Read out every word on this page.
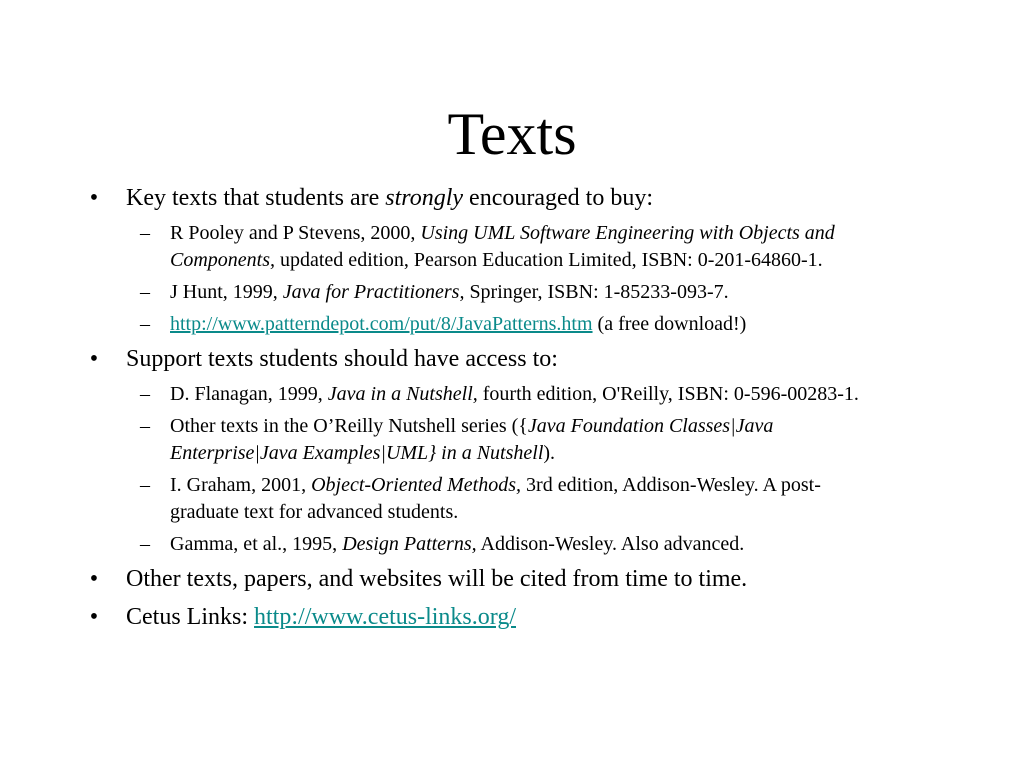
Texts
• Key texts that students are strongly encouraged to buy:
– R Pooley and P Stevens, 2000, Using UML Software Engineering with Objects and Components, updated edition, Pearson Education Limited, ISBN: 0-201-64860-1.
– J Hunt, 1999, Java for Practitioners, Springer, ISBN: 1-85233-093-7.
– http://www.patterndepot.com/put/8/JavaPatterns.htm (a free download!)
• Support texts students should have access to:
– D. Flanagan, 1999, Java in a Nutshell, fourth edition, O'Reilly, ISBN: 0-596-00283-1.
– Other texts in the O’Reilly Nutshell series ({Java Foundation Classes|Java Enterprise|Java Examples|UML} in a Nutshell).
– I. Graham, 2001, Object-Oriented Methods, 3rd edition, Addison-Wesley. A post-graduate text for advanced students.
– Gamma, et al., 1995, Design Patterns, Addison-Wesley. Also advanced.
• Other texts, papers, and websites will be cited from time to time.
• Cetus Links: http://www.cetus-links.org/
